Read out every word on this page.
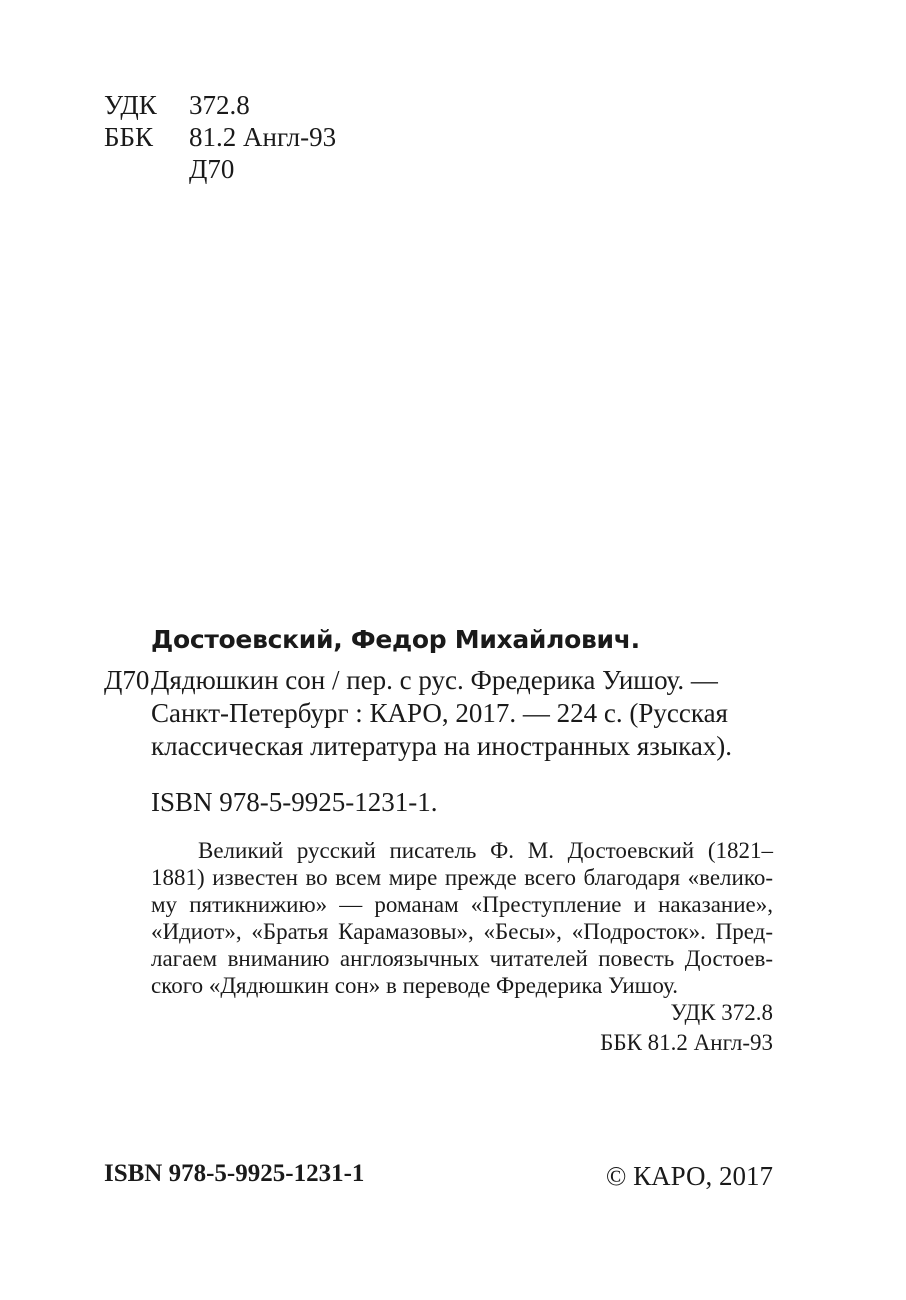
УДК 372.8
ББК 81.2 Англ-93
Д70
Достоевский, Федор Михайлович.
Д70 Дядюшкин сон / пер. с рус. Фредерика Уишоу. —
Санкт-Петербург : КАРО, 2017. — 224 с. (Русская
классическая литература на иностранных языках).
ISBN 978-5-9925-1231-1.
Великий русский писатель Ф. М. Достоевский (1821–
1881) известен во всем мире прежде всего благодаря «велико-
му пятикнижию» — романам «Преступление и наказание»,
«Идиот», «Братья Карамазовы», «Бесы», «Подросток». Пред-
лагаем вниманию англоязычных читателей повесть Достоев-
ского «Дядюшкин сон» в переводе Фредерика Уишоу.
УДК 372.8
ББК 81.2 Англ-93
ISBN 978-5-9925-1231-1	© КАРО, 2017
